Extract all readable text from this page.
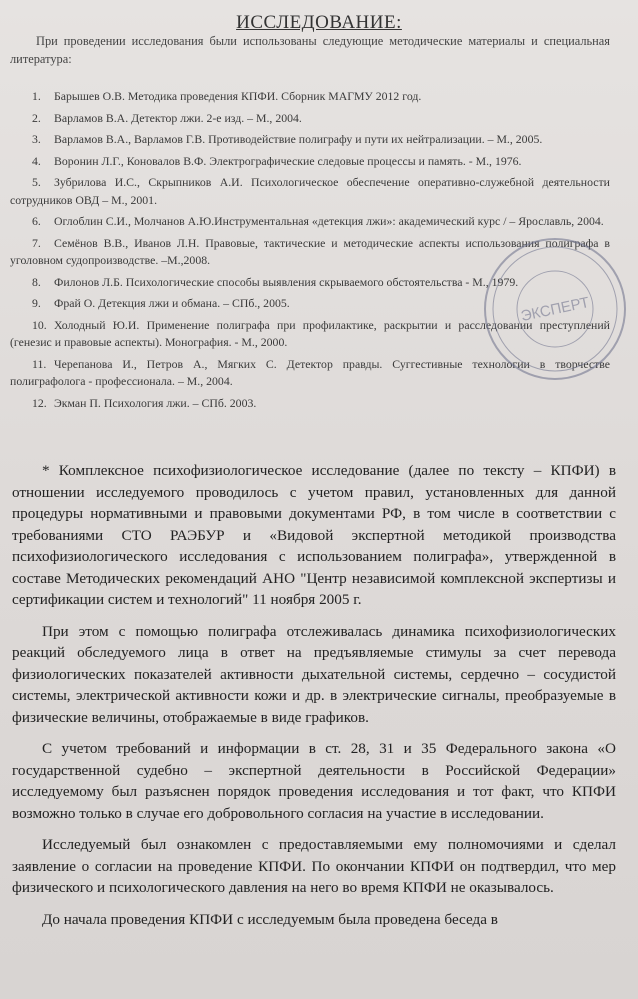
ИССЛЕДОВАНИЕ:
При проведении исследования были использованы следующие методические материалы и специальная литература:
1. Барышев О.В. Методика проведения КПФИ. Сборник МАГМУ 2012 год.
2. Варламов В.А. Детектор лжи. 2-е изд. – М., 2004.
3. Варламов В.А., Варламов Г.В. Противодействие полиграфу и пути их нейтрализации. – М., 2005.
4. Воронин Л.Г., Коновалов В.Ф. Электрографические следовые процессы и память. - М., 1976.
5. Зубрилова И.С., Скрыпников А.И. Психологическое обеспечение оперативно-служебной деятельности сотрудников ОВД – М., 2001.
6. Оглоблин С.И., Молчанов А.Ю.Инструментальная «детекция лжи»: академический курс / – Ярославль, 2004.
7. Семёнов В.В., Иванов Л.Н. Правовые, тактические и методические аспекты использования полиграфа в уголовном судопроизводстве. –М.,2008.
8. Филонов Л.Б. Психологические способы выявления скрываемого обстоятельства - М., 1979.
9. Фрай О. Детекция лжи и обмана. – СПб., 2005.
10. Холодный Ю.И. Применение полиграфа при профилактике, раскрытии и расследовании преступлений (генезис и правовые аспекты). Монография. - М., 2000.
11. Черепанова И., Петров А., Мягких С. Детектор правды. Суггестивные технологии в творчестве полиграфолога - профессионала. – М., 2004.
12. Экман П. Психология лжи. – СПб. 2003.

* Комплексное психофизиологическое исследование (далее по тексту – КПФИ) в отношении исследуемого проводилось с учетом правил, установленных для данной процедуры нормативными и правовыми документами РФ, в том числе в соответствии с требованиями СТО РАЭБУР и «Видовой экспертной методикой производства психофизиологического исследования с использованием полиграфа», утвержденной в составе Методических рекомендаций АНО "Центр независимой комплексной экспертизы и сертификации систем и технологий" 11 ноября 2005 г.

При этом с помощью полиграфа отслеживалась динамика психофизиологических реакций обследуемого лица в ответ на предъявляемые стимулы за счет перевода физиологических показателей активности дыхательной системы, сердечно – сосудистой системы, электрической активности кожи и др. в электрические сигналы, преобразуемые в физические величины, отображаемые в виде графиков.

С учетом требований и информации в ст. 28, 31 и 35 Федерального закона «О государственной судебно – экспертной деятельности в Российской Федерации» исследуемому был разъяснен порядок проведения исследования и тот факт, что КПФИ возможно только в случае его добровольного согласия на участие в исследовании.

Исследуемый был ознакомлен с предоставляемыми ему полномочиями и сделал заявление о согласии на проведение КПФИ. По окончании КПФИ он подтвердил, что мер физического и психологического давления на него во время КПФИ не оказывалось.

До начала проведения КПФИ с исследуемым была проведена беседа в

ЭКСПЕРТ
